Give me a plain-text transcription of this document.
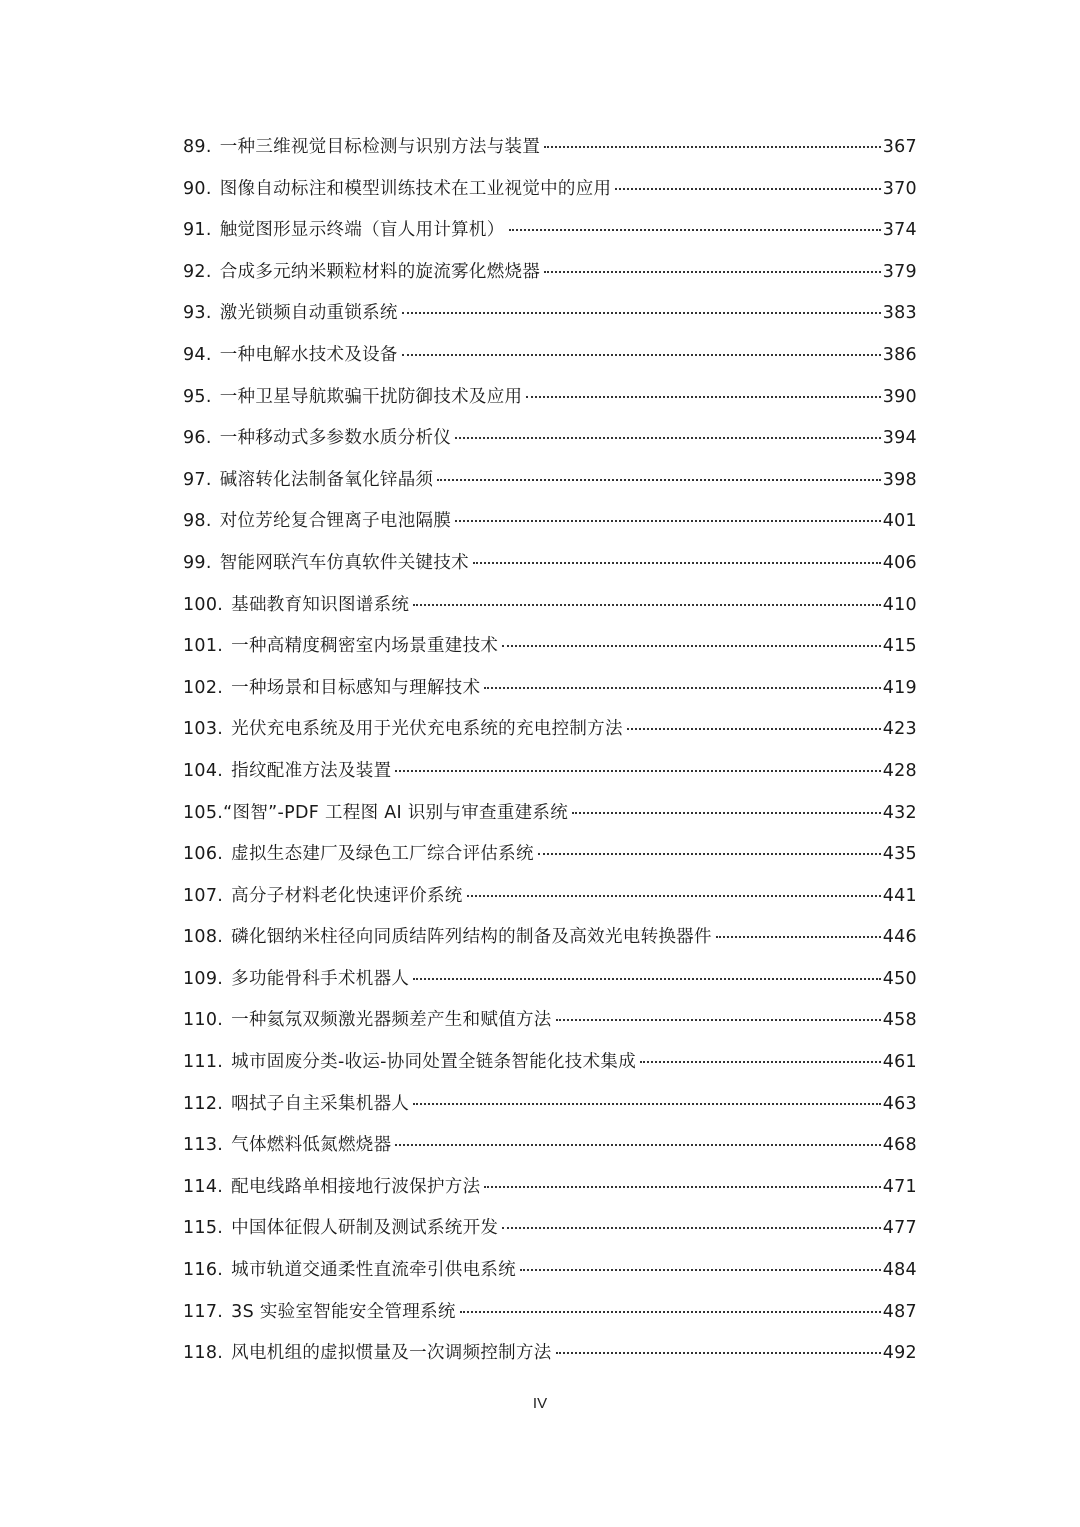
89. 一种三维视觉目标检测与识别方法与装置	367
90. 图像自动标注和模型训练技术在工业视觉中的应用	370
91. 触觉图形显示终端（盲人用计算机）	374
92. 合成多元纳米颗粒材料的旋流雾化燃烧器	379
93. 激光锁频自动重锁系统	383
94. 一种电解水技术及设备	386
95. 一种卫星导航欺骗干扰防御技术及应用	390
96. 一种移动式多参数水质分析仪	394
97. 碱溶转化法制备氧化锌晶须	398
98. 对位芳纶复合锂离子电池隔膜	401
99. 智能网联汽车仿真软件关键技术	406
100. 基础教育知识图谱系统	410
101. 一种高精度稠密室内场景重建技术	415
102. 一种场景和目标感知与理解技术	419
103. 光伏充电系统及用于光伏充电系统的充电控制方法	423
104. 指纹配准方法及装置	428
105. “图智”-PDF 工程图 AI 识别与审查重建系统	432
106. 虚拟生态建厂及绿色工厂综合评估系统	435
107. 高分子材料老化快速评价系统	441
108. 磷化铟纳米柱径向同质结阵列结构的制备及高效光电转换器件	446
109. 多功能骨科手术机器人	450
110. 一种氦氖双频激光器频差产生和赋值方法	458
111. 城市固废分类-收运-协同处置全链条智能化技术集成	461
112. 咽拭子自主采集机器人	463
113. 气体燃料低氮燃烧器	468
114. 配电线路单相接地行波保护方法	471
115. 中国体征假人研制及测试系统开发	477
116. 城市轨道交通柔性直流牵引供电系统	484
117. 3S 实验室智能安全管理系统	487
118. 风电机组的虚拟惯量及一次调频控制方法	492
IV
